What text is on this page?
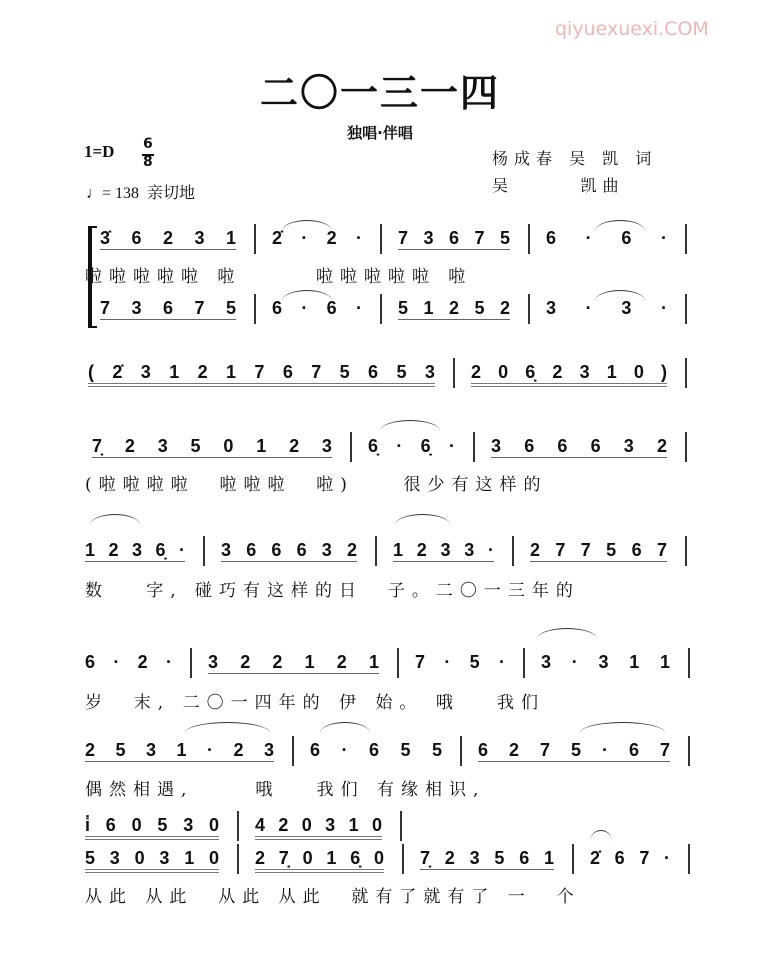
qiyuexuexi.COM
二〇一三一四
独唱·伴唱
1=D 6
8
♩= 138  亲切地
杨成春 吴 凯 词
吴      凯曲
3̇ 6 2 3 1 2̇ · 2 · 7 3 6 7 5 6 · 6 ·
啦啦啦啦啦 啦      啦啦啦啦啦 啦
7 3 6 7 5 6 · 6 · 5 1 2 5 2 3 · 3 ·
( 2̇ 3 1 2 1 7 6 7 5 6 5 3 2 0 6̣ 2 3 1 0 )
7̣ 2 3 5 0 1 2 3 6̣ · 6̣ · 3 6 6 6 3 2
(啦啦啦啦  啦啦啦  啦)    很少有这样的
1 2 3 6̣ · 3 6 6 6 3 2 1 2 3 3 · 2 7 7 5 6 7
数   字, 碰巧有这样的日  子。二〇一三年的
6 · 2 · 3 2 2 1 2 1 7 · 5 · 3 · 3 1 1
岁  末, 二〇一四年的 伊 始。 哦   我们
2 5 3 1 · 2 3 6 · 6 5 5 6 2 7 5 · 6 7
偶然相遇,     哦   我们 有缘相识,
i̇ 6 0 5 3 0 4 2 0 3 1 0
5 3 0 3 1 0 2 7̣ 0 1 6̣ 0 7̣ 2 3 5 6 1 2̇ 6 7 ·
从此 从此  从此 从此  就有了就有了 一  个
